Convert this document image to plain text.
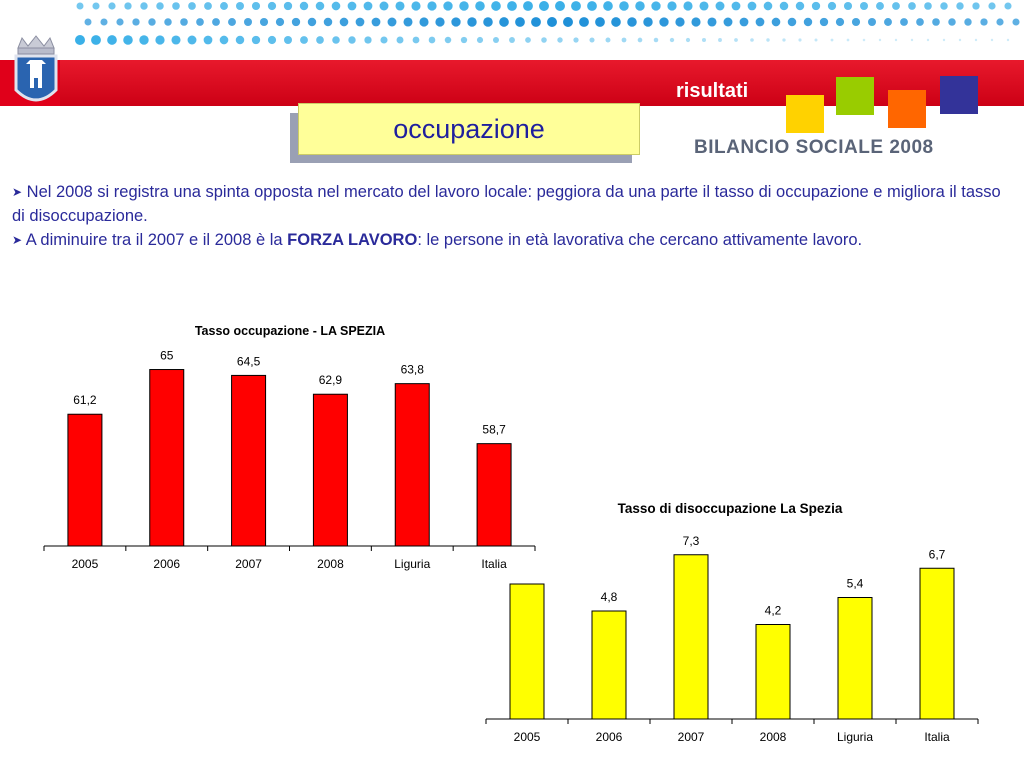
risultati
BILANCIO SOCIALE 2008
occupazione

➤ Nel 2008 si registra una spinta opposta nel mercato del lavoro locale: peggiora da una parte il tasso di occupazione e migliora il tasso di disoccupazione.

➤ A diminuire tra il 2007 e il 2008 è la FORZA LAVORO: le persone in età lavorativa che cercano attivamente lavoro.

Tasso occupazione - LA SPEZIA
61,2
2005
65
2006
64,5
2007
62,9
2008
63,8
Liguria
58,7
Italia
Tasso di disoccupazione La Spezia
2005
4,8
2006
7,3
2007
4,2
2008
5,4
Liguria
6,7
Italia
